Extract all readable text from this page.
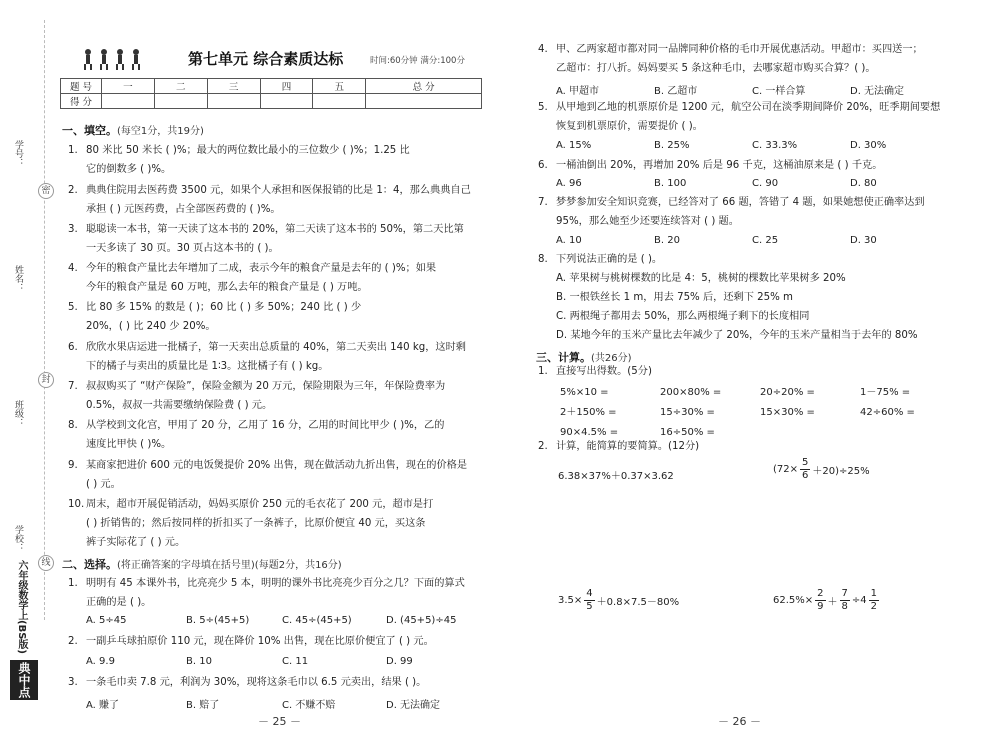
学号：
姓名：
班级：
学校：
密
封
线
六年级数学上(BS版)
典中点
第七单元 综合素质达标	时间:60分钟 满分:100分
题 号	一	二	三	四	五	总 分
得 分						
一、填空。(每空1分，共19分)
1. 80 米比 50 米长 ( )%；最大的两位数比最小的三位数少 ( )%；1.25 比
它的倒数多 ( )%。
2. 典典住院用去医药费 3500 元，如果个人承担和医保报销的比是 1：4，那么典典自己
承担 ( ) 元医药费，占全部医药费的 ( )%。
3. 聪聪读一本书，第一天读了这本书的 20%，第二天读了这本书的 50%，第二天比第
一天多读了 30 页。30 页占这本书的 ( )。
4. 今年的粮食产量比去年增加了二成，表示今年的粮食产量是去年的 ( )%；如果
今年的粮食产量是 60 万吨，那么去年的粮食产量是 ( ) 万吨。
5. 比 80 多 15% 的数是 ( )；60 比 ( ) 多 50%；240 比 ( ) 少
20%，( ) 比 240 少 20%。
6. 欣欣水果店运进一批橘子，第一天卖出总质量的 40%，第二天卖出 140 kg，这时剩
下的橘子与卖出的质量比是 1∶3。这批橘子有 ( ) kg。
7. 叔叔购买了 “财产保险”，保险金额为 20 万元，保险期限为三年，年保险费率为
0.5%，叔叔一共需要缴纳保险费 ( ) 元。
8. 从学校到文化宫，甲用了 20 分，乙用了 16 分，乙用的时间比甲少 ( )%，乙的
速度比甲快 ( )%。
9. 某商家把进价 600 元的电饭煲提价 20% 出售，现在做活动九折出售，现在的价格是
( ) 元。
10. 周末，超市开展促销活动，妈妈买原价 250 元的毛衣花了 200 元，超市是打
( ) 折销售的；然后按同样的折扣买了一条裤子，比原价便宜 40 元，买这条
裤子实际花了 ( ) 元。
二、选择。(将正确答案的字母填在括号里)(每题2分，共16分)
1. 明明有 45 本课外书，比亮亮少 5 本，明明的课外书比亮亮少百分之几？下面的算式
正确的是 ( )。
A. 5÷45	B. 5÷(45+5)	C. 45÷(45+5)	D. (45+5)÷45
2. 一副乒乓球拍原价 110 元，现在降价 10% 出售，现在比原价便宜了 ( ) 元。
A. 9.9	B. 10	C. 11	D. 99
3. 一条毛巾卖 7.8 元，利润为 30%，现将这条毛巾以 6.5 元卖出，结果 ( )。
A. 赚了	B. 赔了	C. 不赚不赔	D. 无法确定
－ 25 －
4. 甲、乙两家超市都对同一品牌同种价格的毛巾开展优惠活动。甲超市：买四送一；
乙超市：打八折。妈妈要买 5 条这种毛巾，去哪家超市购买合算？( )。
A. 甲超市	B. 乙超市	C. 一样合算	D. 无法确定
5. 从甲地到乙地的机票原价是 1200 元，航空公司在淡季期间降价 20%，旺季期间要想
恢复到机票原价，需要提价 ( )。
A. 15%	B. 25%	C. 33.3%	D. 30%
6. 一桶油倒出 20%，再增加 20% 后是 96 千克，这桶油原来是 ( ) 千克。
A. 96	B. 100	C. 90	D. 80
7. 梦梦参加安全知识竞赛，已经答对了 66 题，答错了 4 题，如果她想使正确率达到
95%，那么她至少还要连续答对 ( ) 题。
A. 10	B. 20	C. 25	D. 30
8. 下列说法正确的是 ( )。
A. 苹果树与桃树棵数的比是 4：5，桃树的棵数比苹果树多 20%
B. 一根铁丝长 1 m，用去 75% 后，还剩下 25% m
C. 两根绳子都用去 50%，那么两根绳子剩下的长度相同
D. 某地今年的玉米产量比去年减少了 20%，今年的玉米产量相当于去年的 80%
三、计算。(共26分)
1. 直接写出得数。(5分)
5%×10 =	200×80% =	20÷20% =	1－75% =
2＋150% =	15÷30% =	15×30% =	42÷60% =
90×4.5% =	16÷50% =
2. 计算，能简算的要简算。(12分)
6.38×37%＋0.37×3.62
$(72\times \frac{5}{6} +20)\div 25\%$
$3.5\times \frac{4}{5} +0.8\times 7.5-80\%$	$62.5\%\times \frac{2}{9} + \frac{7}{8} \div 4 \frac{1}{2}$
－ 26 －
